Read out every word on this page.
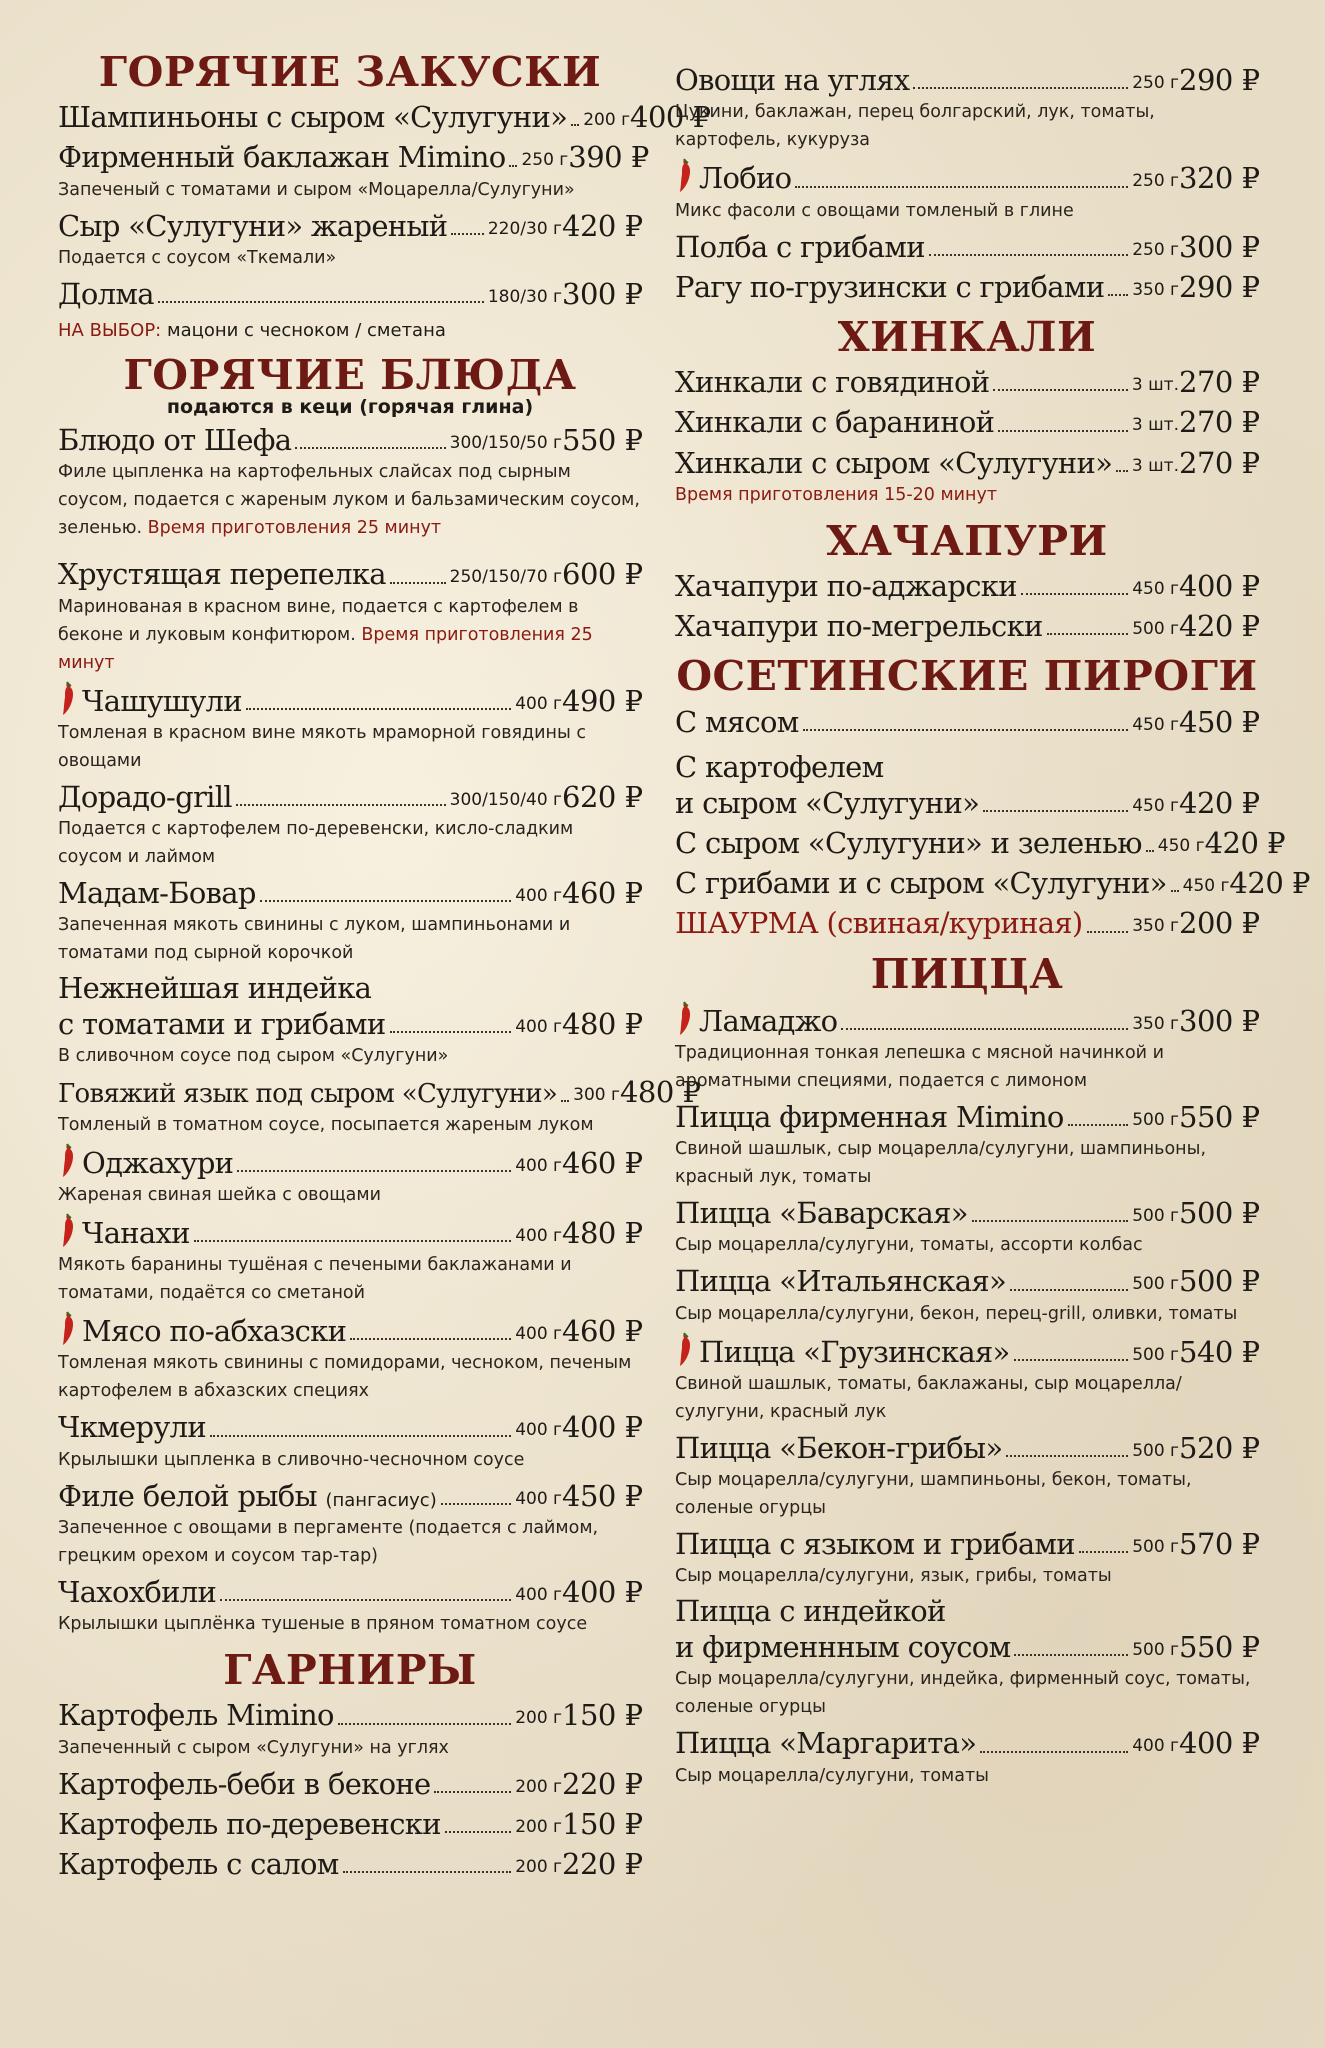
ГОРЯЧИЕ ЗАКУСКИ
Шампиньоны с сыром «Сулугуни» 200 г 400 ₽
Фирменный баклажан Mimino 250 г 390 ₽
Запеченый с томатами и сыром «Моцарелла/Сулугуни»
Сыр «Сулугуни» жареный 220/30 г 420 ₽
Подается с соусом «Ткемали»
Долма	180/30 г 300 ₽
НА ВЫБОР: мацони с чесноком / сметана
ГОРЯЧИЕ БЛЮДА
подаются в кеци (горячая глина)
Блюдо от Шефа	300/150/50 г 550 ₽
Филе цыпленка на картофельных слайсах под сырным соусом, подается с жареным луком и бальзамическим соусом, зеленью. Время приготовления 25 минут
Хрустящая перепелка	250/150/70 г 600 ₽
Маринованая в красном вине, подается с картофелем в беконе и луковым конфитюром. Время приготовления 25 минут
Чашушули	400 г 490 ₽
Томленая в красном вине мякоть мраморной говядины с овощами
Дорадо-grill	300/150/40 г 620 ₽
Подается с картофелем по-деревенски, кисло-сладким соусом и лаймом
Мадам-Бовар	400 г 460 ₽
Запеченная мякоть свинины с луком, шампиньонами и томатами под сырной корочкой
Нежнейшая индейка
с томатами и грибами	400 г 480 ₽
В сливочном соусе под сыром «Сулугуни»
Говяжий язык под сыром «Сулугуни» 300 г 480 ₽
Томленый в томатном соусе, посыпается жареным луком
Оджахури	400 г 460 ₽
Жареная свиная шейка с овощами
Чанахи	400 г 480 ₽
Мякоть баранины тушёная с печеными баклажанами и томатами, подаётся со сметаной
Мясо по-абхазски	400 г 460 ₽
Томленая мякоть свинины с помидорами, чесноком, печеным картофелем в абхазских специях
Чкмерули	400 г 400 ₽
Крылышки цыпленка в сливочно-чесночном соусе
Филе белой рыбы (пангасиус)	400 г 450 ₽
Запеченное с овощами в пергаменте (подается с лаймом, грецким орехом и соусом тар-тар)
Чахохбили	400 г 400 ₽
Крылышки цыплёнка тушеные в пряном томатном соусе
ГАРНИРЫ
Картофель Mimino	200 г 150 ₽
Запеченный с сыром «Сулугуни» на углях
Картофель-беби в беконе	200 г 220 ₽
Картофель по-деревенски	200 г 150 ₽
Картофель с салом	200 г 220 ₽
Овощи на углях	250 г 290 ₽
Цукини, баклажан, перец болгарский, лук, томаты, картофель, кукуруза
Лобио	250 г 320 ₽
Микс фасоли с овощами томленый в глине
Полба с грибами	250 г 300 ₽
Рагу по-грузински с грибами 350 г 290 ₽
ХИНКАЛИ
Хинкали с говядиной	3 шт. 270 ₽
Хинкали с бараниной	3 шт. 270 ₽
Хинкали с сыром «Сулугуни» 3 шт. 270 ₽
Время приготовления 15-20 минут
ХАЧАПУРИ
Хачапури по-аджарски	450 г 400 ₽
Хачапури по-мегрельски	500 г 420 ₽
ОСЕТИНСКИЕ ПИРОГИ
С мясом	450 г 450 ₽
С картофелем
и сыром «Сулугуни»	450 г 420 ₽
С сыром «Сулугуни» и зеленью 450 г 420 ₽
С грибами и с сыром «Сулугуни» 450 г 420 ₽
ШАУРМА (свиная/куриная)	350 г 200 ₽
ПИЦЦА
Ламаджо	350 г 300 ₽
Традиционная тонкая лепешка с мясной начинкой и ароматными специями, подается с лимоном
Пицца фирменная Mimino	500 г 550 ₽
Свиной шашлык, сыр моцарелла/сулугуни, шампиньоны, красный лук, томаты
Пицца «Баварская»	500 г 500 ₽
Сыр моцарелла/сулугуни, томаты, ассорти колбас
Пицца «Итальянская»	500 г 500 ₽
Сыр моцарелла/сулугуни, бекон, перец-grill, оливки, томаты
Пицца «Грузинская»	500 г 540 ₽
Свиной шашлык, томаты, баклажаны, сыр моцарелла/сулугуни, красный лук
Пицца «Бекон-грибы»	500 г 520 ₽
Сыр моцарелла/сулугуни, шампиньоны, бекон, томаты, соленые огурцы
Пицца с языком и грибами	500 г 570 ₽
Сыр моцарелла/сулугуни, язык, грибы, томаты
Пицца с индейкой
и фирменнным соусом	500 г 550 ₽
Сыр моцарелла/сулугуни, индейка, фирменный соус, томаты, соленые огурцы
Пицца «Маргарита»	400 г 400 ₽
Сыр моцарелла/сулугуни, томаты
